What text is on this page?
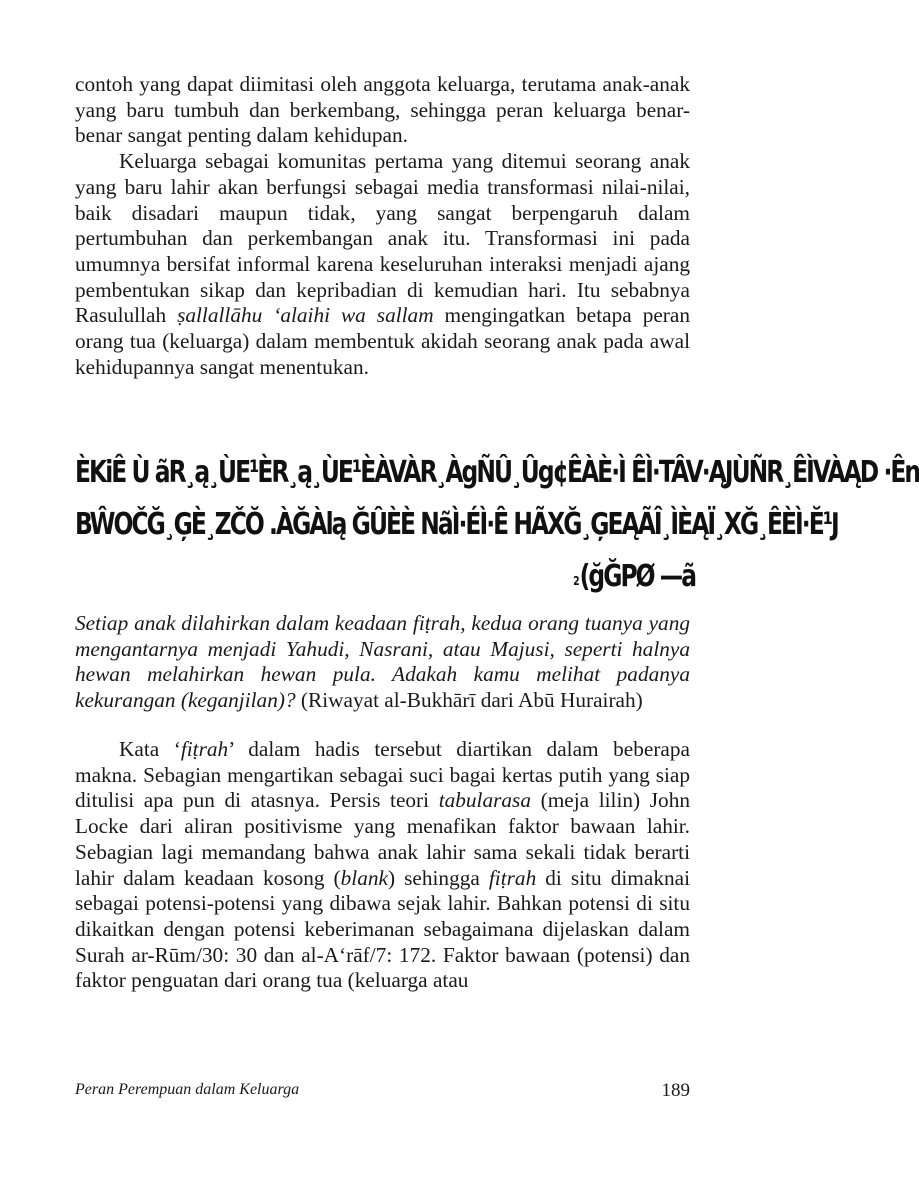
contoh yang dapat diimitasi oleh anggota keluarga, terutama anak-anak yang baru tumbuh dan berkembang, sehingga peran keluarga benar-benar sangat penting dalam kehidupan.

Keluarga sebagai komunitas pertama yang ditemui seorang anak yang baru lahir akan berfungsi sebagai media transformasi nilai-nilai, baik disadari maupun tidak, yang sangat berpengaruh dalam pertumbuhan dan perkembangan anak itu. Transformasi ini pada umumnya bersifat informal karena keseluruhan interaksi menjadi ajang pembentukan sikap dan kepribadian di kemudian hari. Itu sebabnya Rasulullah ṣallallāhu ‘alaihi wa sallam mengingatkan betapa peran orang tua (keluarga) dalam membentuk akidah seorang anak pada awal kehidupannya sangat menentukan.

ÈKiÊ Ù ãR¸ą¸ÙE¹ÈR¸ą¸ÙE¹ÈÀVÀR¸ÀgÑÛ¸Ûg¢ÊÀÈ·Ì ÊÌ·TÂV·ĄJÙÑR¸ÊÌVÀĄD ·Ên
BŴOČĞ¸ĢÈ¸ZČŎ .ÀĞÀlą ĞÛÈÈ NãÌ·ÉÌ·Ê HÃXĞ¸ĢEĄÃÎ¸ÌÈĄÏ¸XĞ¸ÊÈÌ·Ĕ¹J
$^2$(ğĞPØ —ã

Setiap anak dilahirkan dalam keadaan fiṭrah, kedua orang tuanya yang mengantarnya menjadi Yahudi, Nasrani, atau Majusi, seperti halnya hewan melahirkan hewan pula. Adakah kamu melihat padanya kekurangan (keganjilan)? (Riwayat al-Bukhārī dari Abū Hurairah)

Kata ‘fiṭrah’ dalam hadis tersebut diartikan dalam beberapa makna. Sebagian mengartikan sebagai suci bagai kertas putih yang siap ditulisi apa pun di atasnya. Persis teori tabularasa (meja lilin) John Locke dari aliran positivisme yang menafikan faktor bawaan lahir. Sebagian lagi memandang bahwa anak lahir sama sekali tidak berarti lahir dalam keadaan kosong (blank) sehingga fiṭrah di situ dimaknai sebagai potensi-potensi yang dibawa sejak lahir. Bahkan potensi di situ dikaitkan dengan potensi keberimanan sebagaimana dijelaskan dalam Surah ar-Rūm/30: 30 dan al-A‘rāf/7: 172. Faktor bawaan (potensi) dan faktor penguatan dari orang tua (keluarga atau

Peran Perempuan dalam Keluarga	189
